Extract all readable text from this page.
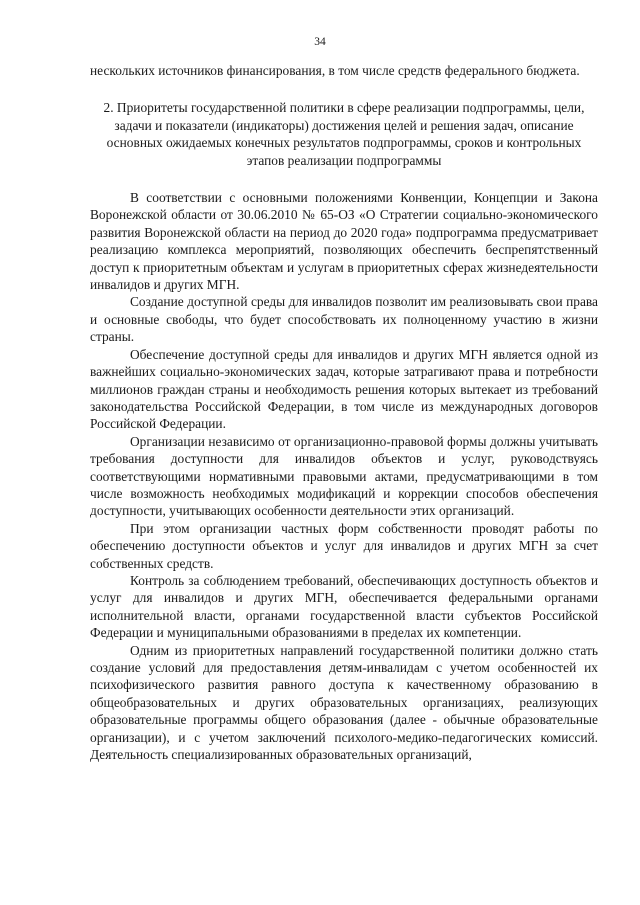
34

нескольких источников финансирования, в том числе средств федерального бюджета.

2. Приоритеты государственной политики в сфере реализации подпрограммы, цели, задачи и показатели (индикаторы) достижения целей и решения задач, описание основных ожидаемых конечных результатов подпрограммы, сроков и контрольных этапов реализации подпрограммы

В соответствии с основными положениями Конвенции, Концепции и Закона Воронежской области от 30.06.2010 № 65-ОЗ «О Стратегии социально-экономического развития Воронежской области на период до 2020 года» подпрограмма предусматривает реализацию комплекса мероприятий, позволяющих обеспечить беспрепятственный доступ к приоритетным объектам и услугам в приоритетных сферах жизнедеятельности инвалидов и других МГН.

Создание доступной среды для инвалидов позволит им реализовывать свои права и основные свободы, что будет способствовать их полноценному участию в жизни страны.

Обеспечение доступной среды для инвалидов и других МГН является одной из важнейших социально-экономических задач, которые затрагивают права и потребности миллионов граждан страны и необходимость решения которых вытекает из требований законодательства Российской Федерации, в том числе из международных договоров Российской Федерации.

Организации независимо от организационно-правовой формы должны учитывать требования доступности для инвалидов объектов и услуг, руководствуясь соответствующими нормативными правовыми актами, предусматривающими в том числе возможность необходимых модификаций и коррекции способов обеспечения доступности, учитывающих особенности деятельности этих организаций.

При этом организации частных форм собственности проводят работы по обеспечению доступности объектов и услуг для инвалидов и других МГН за счет собственных средств.

Контроль за соблюдением требований, обеспечивающих доступность объектов и услуг для инвалидов и других МГН, обеспечивается федеральными органами исполнительной власти, органами государственной власти субъектов Российской Федерации и муниципальными образованиями в пределах их компетенции.

Одним из приоритетных направлений государственной политики должно стать создание условий для предоставления детям-инвалидам с учетом особенностей их психофизического развития равного доступа к качественному образованию в общеобразовательных и других образовательных организациях, реализующих образовательные программы общего образования (далее - обычные образовательные организации), и с учетом заключений психолого-медико-педагогических комиссий. Деятельность специализированных образовательных организаций,
